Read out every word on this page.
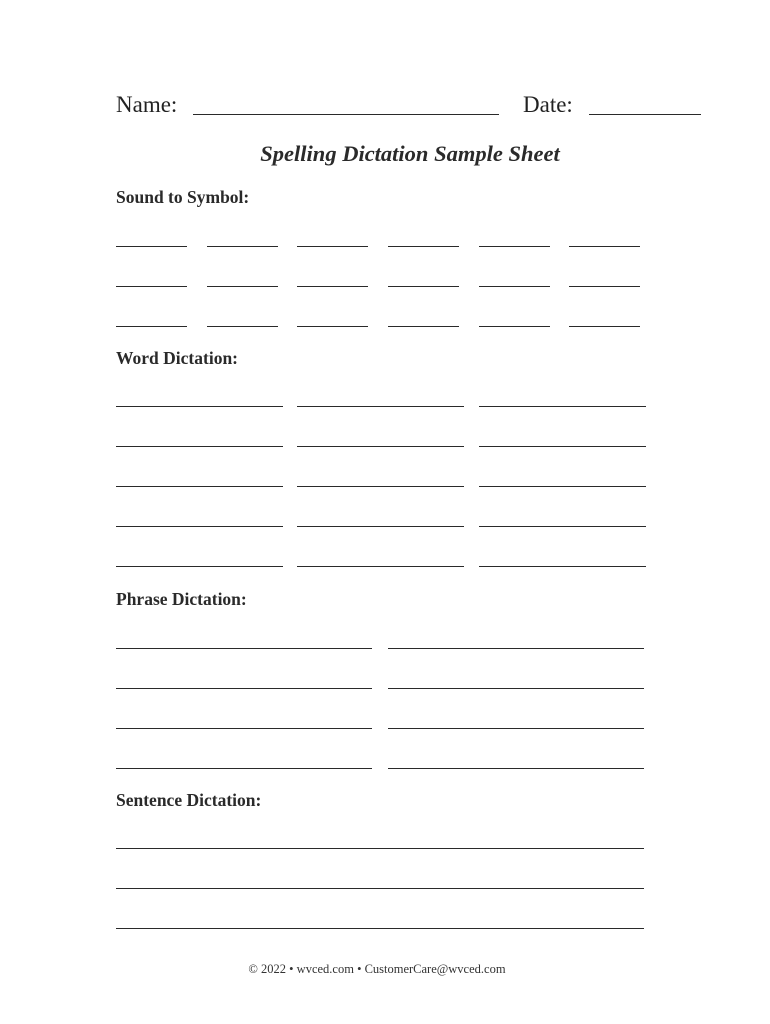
Name:	Date:
Spelling Dictation Sample Sheet
Sound to Symbol:
Word Dictation:
Phrase Dictation:
Sentence Dictation:
© 2022 • wvced.com • CustomerCare@wvced.com
